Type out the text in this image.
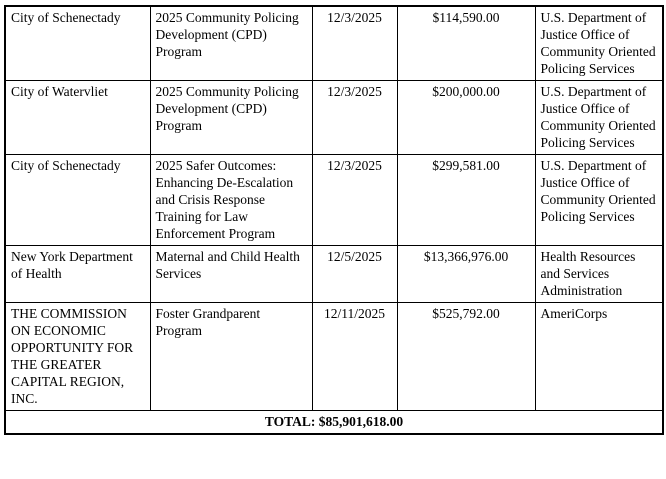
City of Schenectady	2025 Community Policing Development (CPD) Program	12/3/2025	$114,590.00	U.S. Department of Justice Office of Community Oriented Policing Services
City of Watervliet	2025 Community Policing Development (CPD) Program	12/3/2025	$200,000.00	U.S. Department of Justice Office of Community Oriented Policing Services
City of Schenectady	2025 Safer Outcomes: Enhancing De-Escalation and Crisis Response Training for Law Enforcement Program	12/3/2025	$299,581.00	U.S. Department of Justice Office of Community Oriented Policing Services
New York Department of Health	Maternal and Child Health Services	12/5/2025	$13,366,976.00	Health Resources and Services Administration
THE COMMISSION ON ECONOMIC OPPORTUNITY FOR THE GREATER CAPITAL REGION, INC.	Foster Grandparent Program	12/11/2025	$525,792.00	AmeriCorps
TOTAL: $85,901,618.00				
